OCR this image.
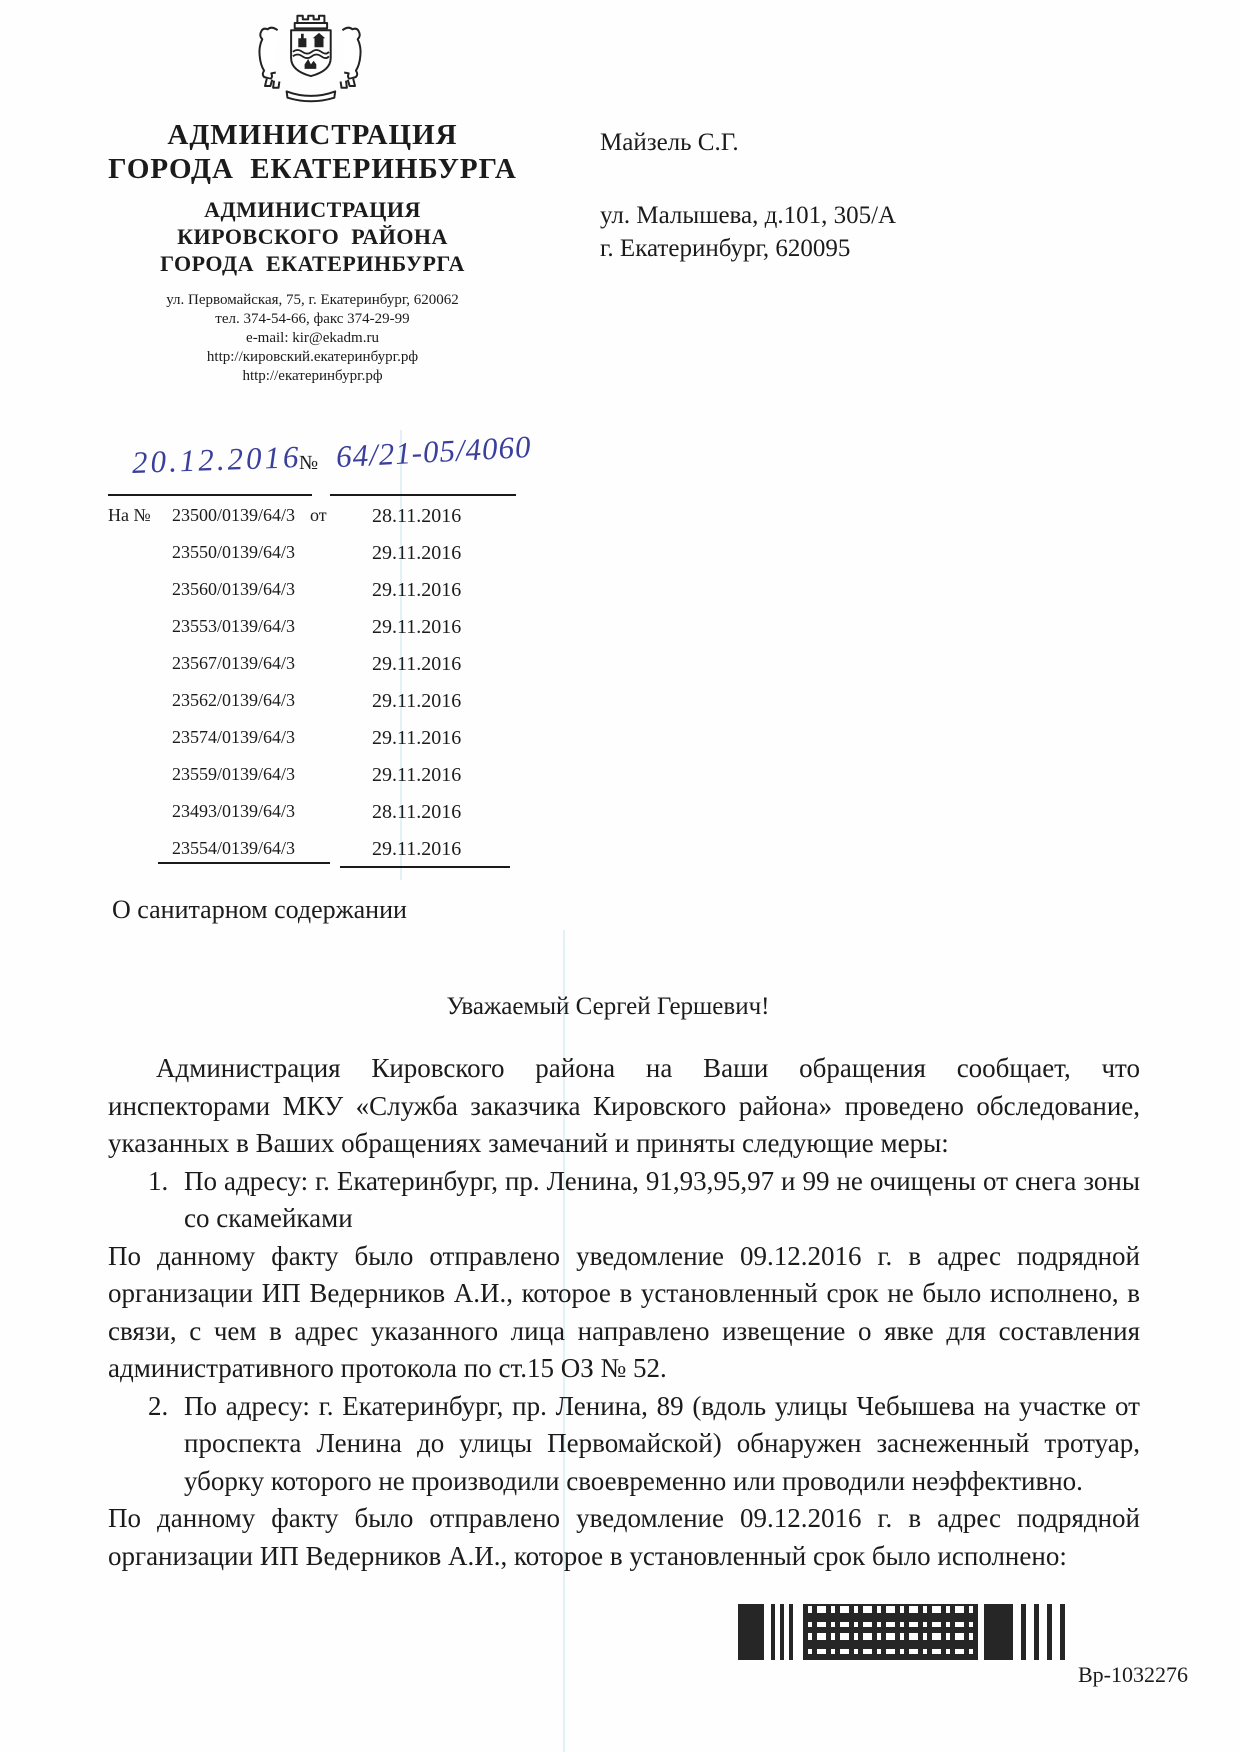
АДМИНИСТРАЦИЯ
ГОРОДА ЕКАТЕРИНБУРГА
АДМИНИСТРАЦИЯ
КИРОВСКОГО РАЙОНА
ГОРОДА ЕКАТЕРИНБУРГА
ул. Первомайская, 75, г. Екатеринбург, 620062
тел. 374-54-66, факс 374-29-99
e-mail: kir@ekadm.ru
http://кировский.екатеринбург.рф
http://екатеринбург.рф
Майзель С.Г.
ул. Малышева, д.101, 305/А
г. Екатеринбург, 620095
20.12.2016
№ 64/21-05/4060
На №	23500/0139/64/3 от	28.11.2016
23550/0139/64/3	29.11.2016
23560/0139/64/3	29.11.2016
23553/0139/64/3	29.11.2016
23567/0139/64/3	29.11.2016
23562/0139/64/3	29.11.2016
23574/0139/64/3	29.11.2016
23559/0139/64/3	29.11.2016
23493/0139/64/3	28.11.2016
23554/0139/64/3	29.11.2016
О санитарном содержании
Уважаемый Сергей Гершевич!

Администрация Кировского района на Ваши обращения сообщает, что инспекторами МКУ «Служба заказчика Кировского района» проведено обследование, указанных в Ваших обращениях замечаний и приняты следующие меры:

1. По адресу: г. Екатеринбург, пр. Ленина, 91,93,95,97 и 99 не очищены от снега зоны со скамейками

По данному факту было отправлено уведомление 09.12.2016 г. в адрес подрядной организации ИП Ведерников А.И., которое в установленный срок не было исполнено, в связи, с чем в адрес указанного лица направлено извещение о явке для составления административного протокола по ст.15 ОЗ № 52.

2. По адресу: г. Екатеринбург, пр. Ленина, 89 (вдоль улицы Чебышева на участке от проспекта Ленина до улицы Первомайской) обнаружен заснеженный тротуар, уборку которого не производили своевременно или проводили неэффективно.

По данному факту было отправлено уведомление 09.12.2016 г. в адрес подрядной организации ИП Ведерников А.И., которое в установленный срок было исполнено:

Вр-1032276
